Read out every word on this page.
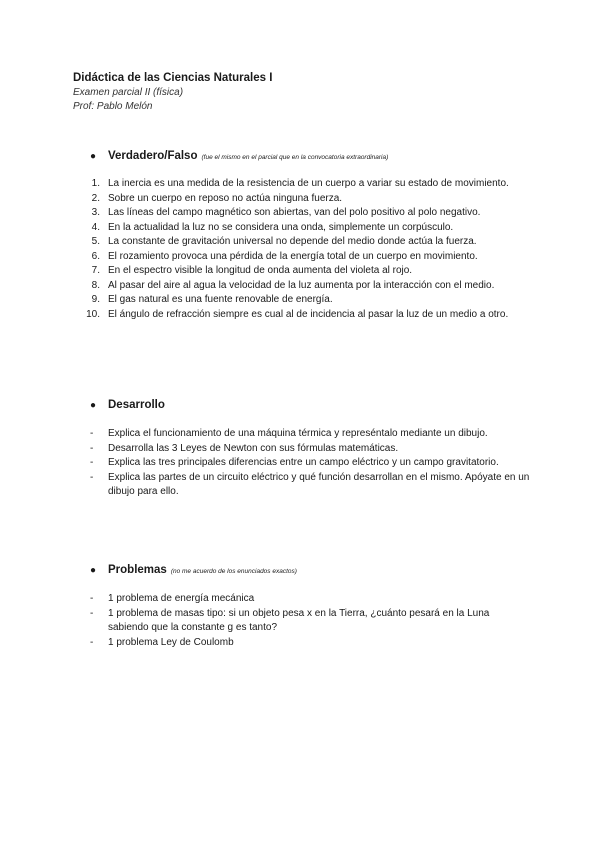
Didáctica de las Ciencias Naturales I

Examen parcial II (física)

Prof: Pablo Melón

● Verdadero/Falso (fue el mismo en el parcial que en la convocatoria extraordinaria)
1. La inercia es una medida de la resistencia de un cuerpo a variar su estado de movimiento.
2. Sobre un cuerpo en reposo no actúa ninguna fuerza.
3. Las líneas del campo magnético son abiertas, van del polo positivo al polo negativo.
4. En la actualidad la luz no se considera una onda, simplemente un corpúsculo.
5. La constante de gravitación universal no depende del medio donde actúa la fuerza.
6. El rozamiento provoca una pérdida de la energía total de un cuerpo en movimiento.
7. En el espectro visible la longitud de onda aumenta del violeta al rojo.
8. Al pasar del aire al agua la velocidad de la luz aumenta por la interacción con el medio.
9. El gas natural es una fuente renovable de energía.
10. El ángulo de refracción siempre es cual al de incidencia al pasar la luz de un medio a otro.
● Desarrollo
- Explica el funcionamiento de una máquina térmica y represéntalo mediante un dibujo.
- Desarrolla las 3 Leyes de Newton con sus fórmulas matemáticas.
- Explica las tres principales diferencias entre un campo eléctrico y un campo gravitatorio.
- Explica las partes de un circuito eléctrico y qué función desarrollan en el mismo. Apóyate en un dibujo para ello.
● Problemas (no me acuerdo de los enunciados exactos)
- 1 problema de energía mecánica
- 1 problema de masas tipo: si un objeto pesa x en la Tierra, ¿cuánto pesará en la Luna sabiendo que la constante g es tanto?
- 1 problema Ley de Coulomb
